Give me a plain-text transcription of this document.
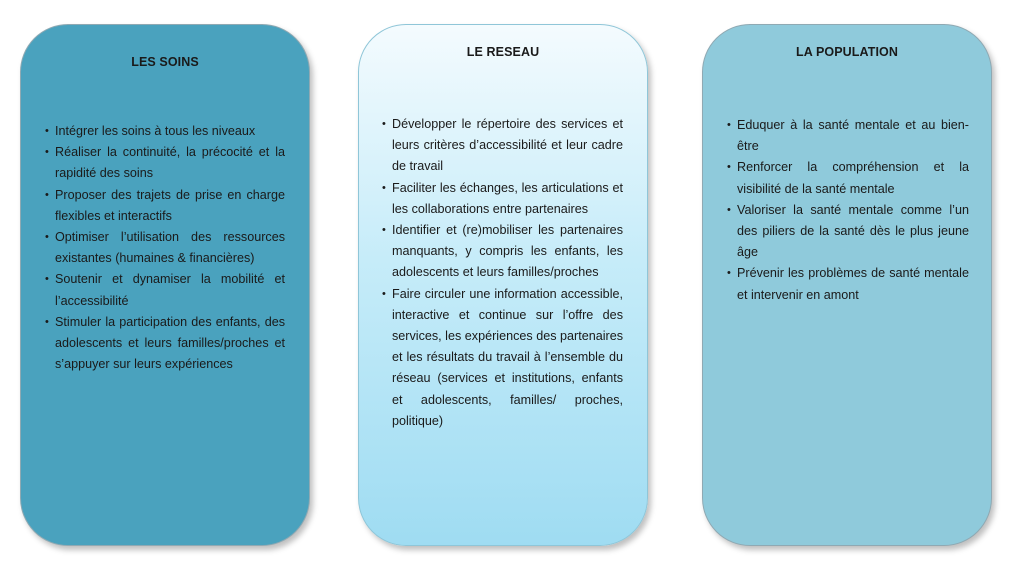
LES SOINS
• Intégrer les soins à tous les niveaux
• Réaliser la continuité, la précocité et la rapidité des soins
• Proposer des trajets de prise en charge flexibles et interactifs
• Optimiser l’utilisation des ressources existantes (humaines & financières)
• Soutenir et dynamiser la mobilité et l’accessibilité
• Stimuler la participation des enfants, des adolescents et leurs familles/proches et s’appuyer sur leurs expériences
LE RESEAU
• Développer le répertoire des services et leurs critères d’accessibilité et leur cadre de travail
• Faciliter les échanges, les articulations et les collaborations entre partenaires
• Identifier et (re)mobiliser les partenaires manquants, y compris les enfants, les adolescents et leurs familles/proches
• Faire circuler une information accessible, interactive et continue sur l’offre des services, les expériences des partenaires et les résultats du travail à l’ensemble du réseau (services et institutions, enfants et adolescents, familles/ proches, politique)
LA POPULATION
• Eduquer à la santé mentale et au bien-être
• Renforcer la compréhension et la visibilité de la santé mentale
• Valoriser la santé mentale comme l’un des piliers de la santé dès le plus jeune âge
• Prévenir les problèmes de santé mentale et intervenir en amont
